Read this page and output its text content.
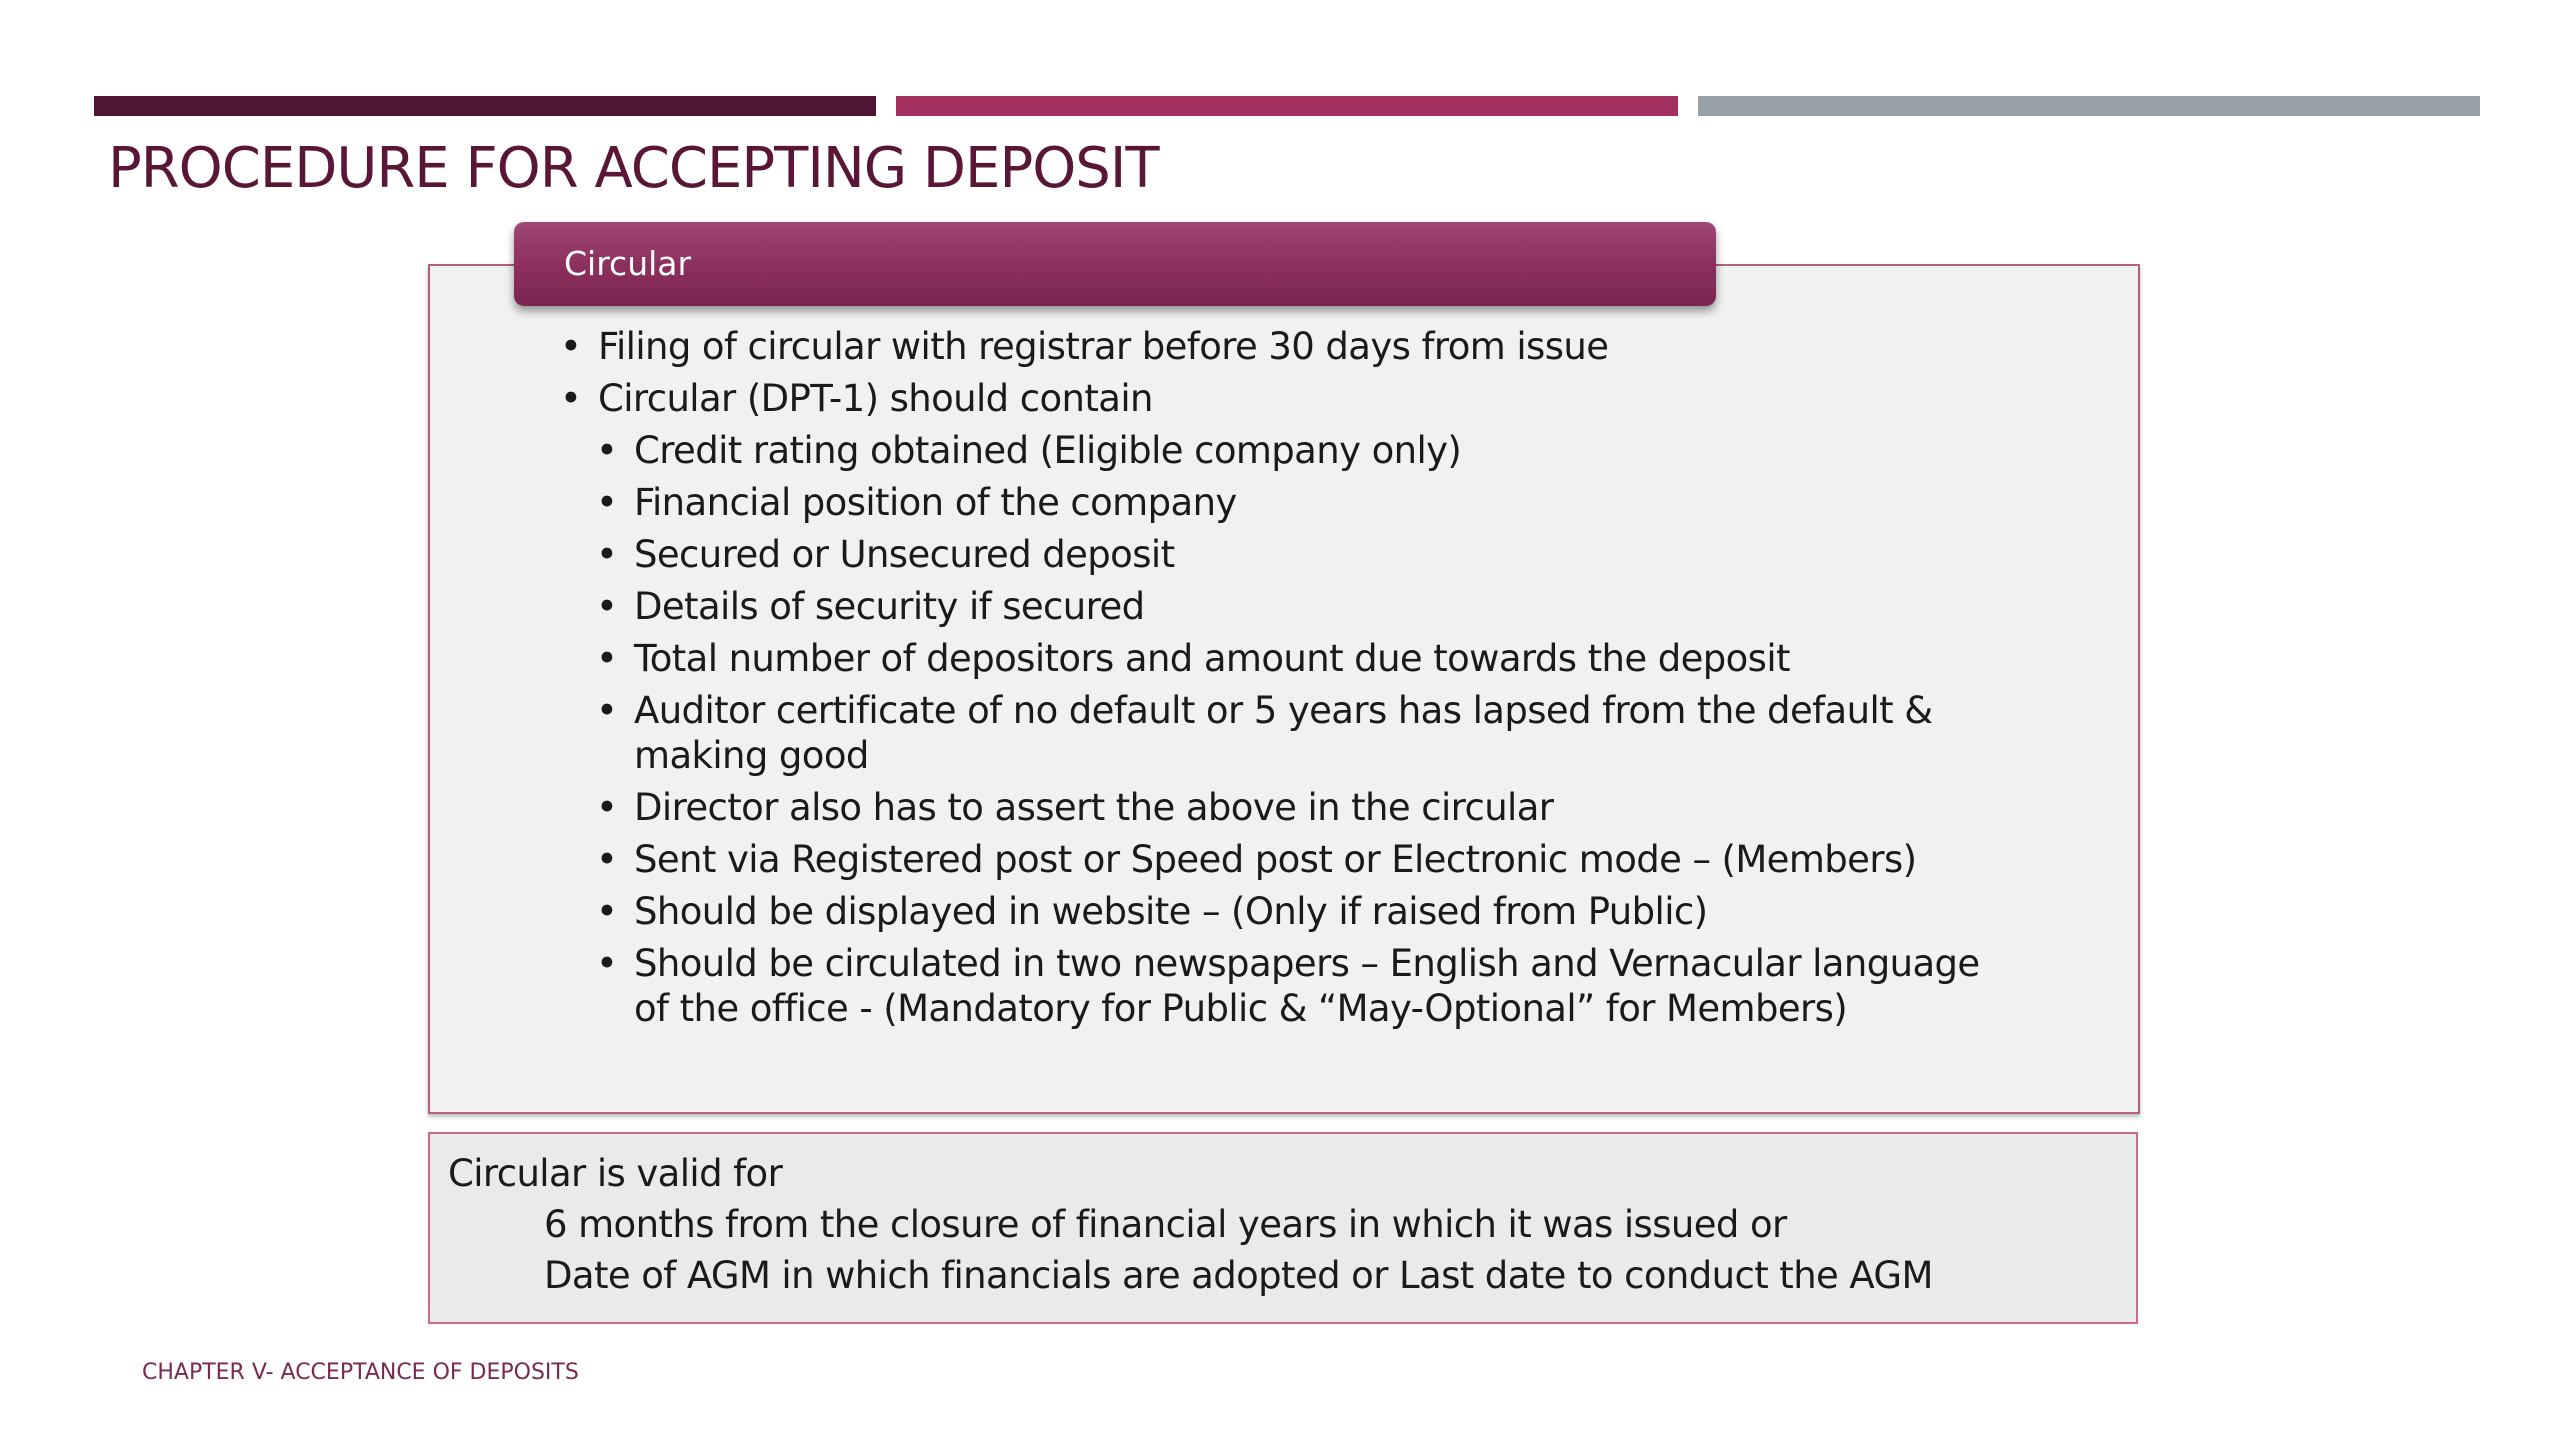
PROCEDURE FOR ACCEPTING DEPOSIT
Circular
• Filing of circular with registrar before 30 days from issue
• Circular (DPT-1) should contain
• Credit rating obtained (Eligible company only)
• Financial position of the company
• Secured or Unsecured deposit
• Details of security if secured
• Total number of depositors and amount due towards the deposit
• Auditor certificate of no default or 5 years has lapsed from the default & making good
• Director also has to assert the above in the circular
• Sent via Registered post or Speed post or Electronic mode – (Members)
• Should be displayed in website – (Only if raised from Public)
• Should be circulated in two newspapers – English and Vernacular language of the office - (Mandatory for Public & “May-Optional” for Members)
Circular is valid for
6 months from the closure of financial years in which it was issued or
Date of AGM in which financials are adopted or Last date to conduct the AGM
CHAPTER V- ACCEPTANCE OF DEPOSITS
